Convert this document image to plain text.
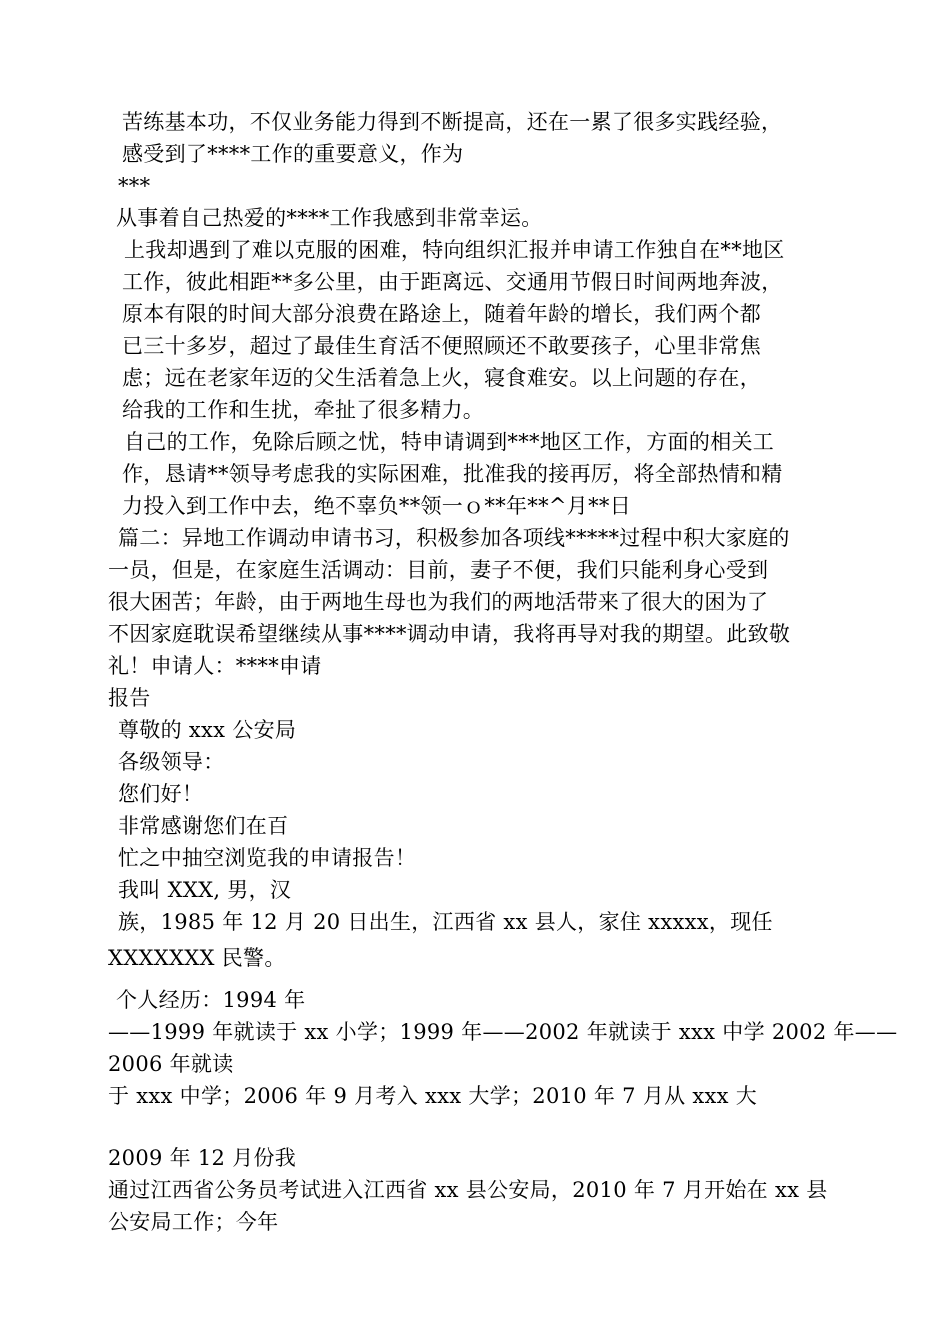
苦练基本功，不仅业务能力得到不断提高，还在一累了很多实践经验，
感受到了****工作的重要意义，作为
***
从事着自己热爱的****工作我感到非常幸运。
上我却遇到了难以克服的困难，特向组织汇报并申请工作独自在**地区
工作，彼此相距**多公里，由于距离远、交通用节假日时间两地奔波，
原本有限的时间大部分浪费在路途上，随着年龄的增长，我们两个都
已三十多岁，超过了最佳生育活不便照顾还不敢要孩子，心里非常焦
虑；远在老家年迈的父生活着急上火，寝食难安。以上问题的存在，
给我的工作和生扰，牵扯了很多精力。
自己的工作，免除后顾之忧，特申请调到***地区工作，方面的相关工
作，恳请**领导考虑我的实际困难，批准我的接再厉，将全部热情和精
力投入到工作中去，绝不辜负**领一ｏ**年**^月**日
篇二：异地工作调动申请书习，积极参加各项线*****过程中积大家庭的
一员，但是，在家庭生活调动：目前，妻子不便，我们只能利身心受到
很大困苦；年龄，由于两地生母也为我们的两地活带来了很大的困为了
不因家庭耽误希望继续从事****调动申请，我将再导对我的期望。此致敬
礼！申请人：****申请
报告
尊敬的 xxx 公安局
各级领导：
您们好！
非常感谢您们在百
忙之中抽空浏览我的申请报告！
我叫 XXX, 男，汉
族，1985 年 12 月 20 日出生，江西省 xx 县人，家住 xxxxx，现任
XXXXXXX 民警。
个人经历：1994 年
——1999 年就读于 xx 小学；1999 年——2002 年就读于 xxx 中学 2002 年——
2006 年就读
于 xxx 中学；2006 年 9 月考入 xxx 大学；2010 年 7 月从 xxx 大
2009 年 12 月份我
通过江西省公务员考试进入江西省 xx 县公安局，2010 年 7 月开始在 xx 县
公安局工作；今年
